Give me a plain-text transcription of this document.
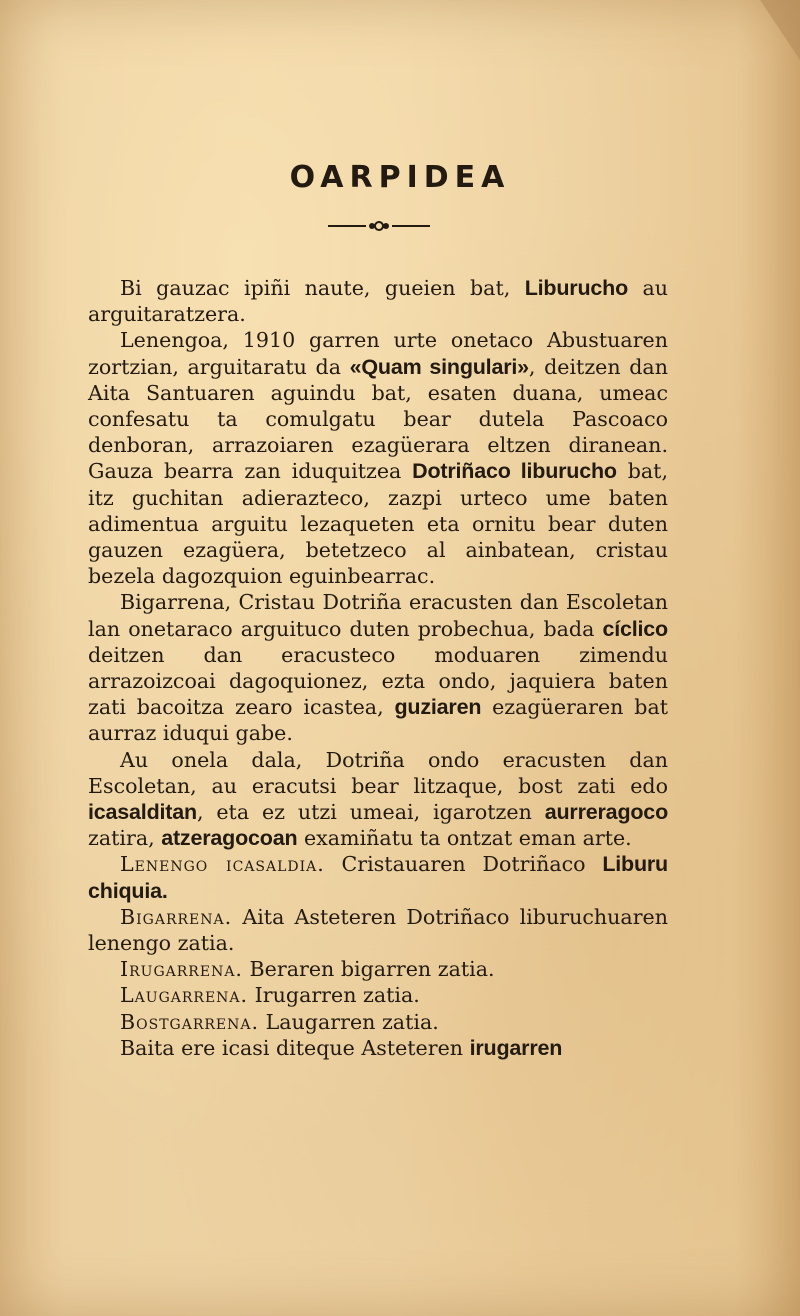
OARPIDEA

Bi gauzac ipiñi naute, gueien bat, Liburucho au arguitaratzera.

Lenengoa, 1910 garren urte onetaco Abustuaren zortzian, arguitaratu da «Quam singulari», deitzen dan Aita Santuaren aguindu bat, esaten duana, umeac confesatu ta comulgatu bear dutela Pascoaco denboran, arrazoiaren ezagüerara eltzen diranean. Gauza bearra zan iduquitzea Dotriñaco liburucho bat, itz guchitan adierazteco, zazpi urteco ume baten adimentua arguitu lezaqueten eta ornitu bear duten gauzen ezagüera, betetzeco al ainbatean, cristau bezela dagozquion eguinbearrac.

Bigarrena, Cristau Dotriña eracusten dan Escoletan lan onetaraco arguituco duten probechua, bada cíclico deitzen dan eracusteco moduaren zimendu arrazoizcoai dagoquionez, ezta ondo, jaquiera baten zati bacoitza zearo icastea, guziaren ezagüeraren bat aurraz iduqui gabe.

Au onela dala, Dotriña ondo eracusten dan Escoletan, au eracutsi bear litzaque, bost zati edo icasalditan, eta ez utzi umeai, igarotzen aurreragoco zatira, atzeragocoan examiñatu ta ontzat eman arte.

Lenengo icasaldia. Cristauaren Dotriñaco Liburu chiquia.

Bigarrena. Aita Asteteren Dotriñaco liburuchuaren lenengo zatia.

Irugarrena. Beraren bigarren zatia.

Laugarrena. Irugarren zatia.

Bostgarrena. Laugarren zatia.

Baita ere icasi diteque Asteteren irugarren
